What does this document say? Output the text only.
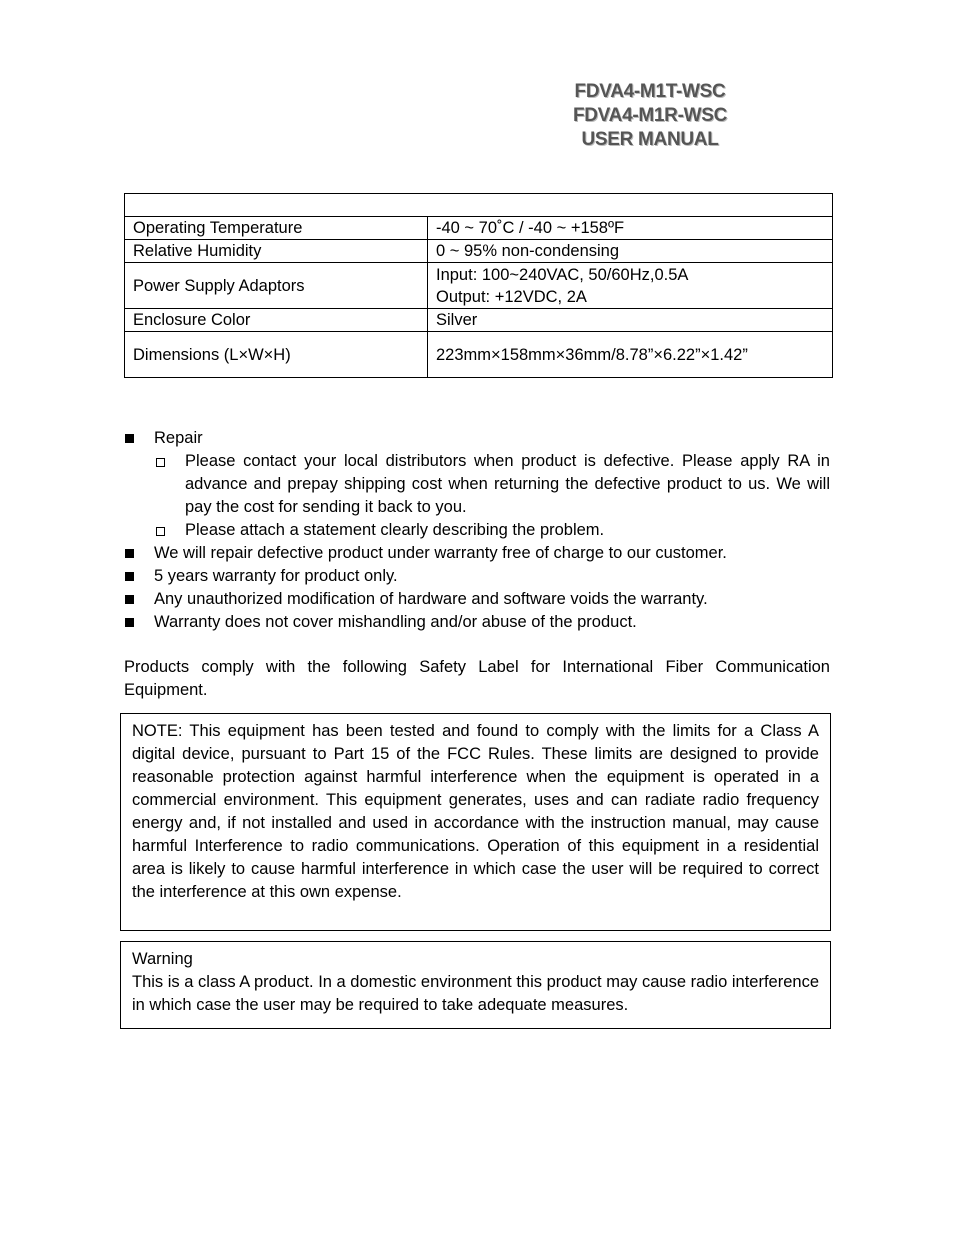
FDVA4-M1T-WSC
FDVA4-M1R-WSC
USER MANUAL

Operating Temperature	-40 ~ 70˚C / -40 ~ +158ºF
Relative Humidity	0 ~ 95% non-condensing
Power Supply Adaptors	Input: 100~240VAC, 50/60Hz,0.5A
Output: +12VDC, 2A

Enclosure Color	Silver
Dimensions (L×W×H)	223mm×158mm×36mm/8.78”×6.22”×1.42”
Repair
Please contact your local distributors when product is defective. Please apply RA in advance and prepay shipping cost when returning the defective product to us. We will pay the cost for sending it back to you.
Please attach a statement clearly describing the problem.
We will repair defective product under warranty free of charge to our customer.
5 years warranty for product only.
Any unauthorized modification of hardware and software voids the warranty.
Warranty does not cover mishandling and/or abuse of the product.
Products comply with the following Safety Label for International Fiber Communication Equipment.
NOTE: This equipment has been tested and found to comply with the limits for a Class A digital device, pursuant to Part 15 of the FCC Rules. These limits are designed to provide reasonable protection against harmful interference when the equipment is operated in a commercial environment. This equipment generates, uses and can radiate radio frequency energy and, if not installed and used in accordance with the instruction manual, may cause harmful Interference to radio communications. Operation of this equipment in a residential area is likely to cause harmful interference in which case the user will be required to correct the interference at this own expense.
Warning
This is a class A product. In a domestic environment this product may cause radio interference in which case the user may be required to take adequate measures.
